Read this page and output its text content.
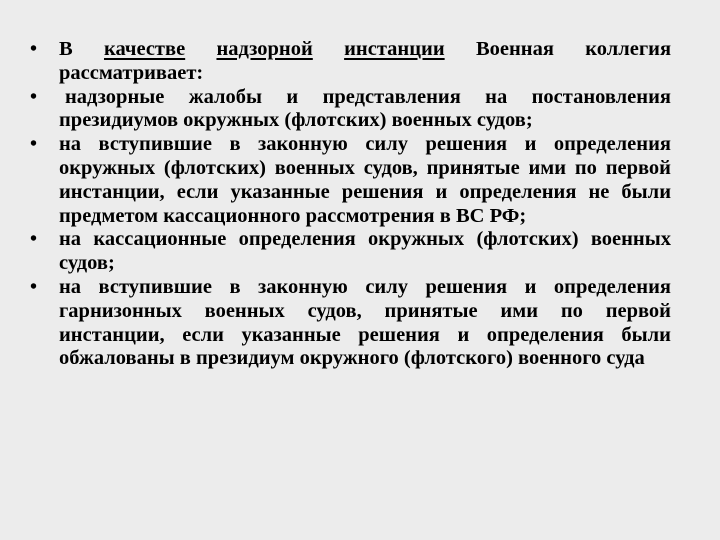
• В качестве надзорной инстанции Военная коллегия рассматривает:
• надзорные жалобы и представления на постановления президиумов окружных (флотских) военных судов;
• на вступившие в законную силу решения и определения окружных (флотских) военных судов, принятые ими по первой инстанции, если указанные решения и определения не были предметом кассационного рассмотрения в ВС РФ;
• на кассационные определения окружных (флотских) военных судов;
• на вступившие в законную силу решения и определения гарнизонных военных судов, принятые ими по первой инстанции, если указанные решения и определения были обжалованы в президиум окружного (флотского) военного суда
